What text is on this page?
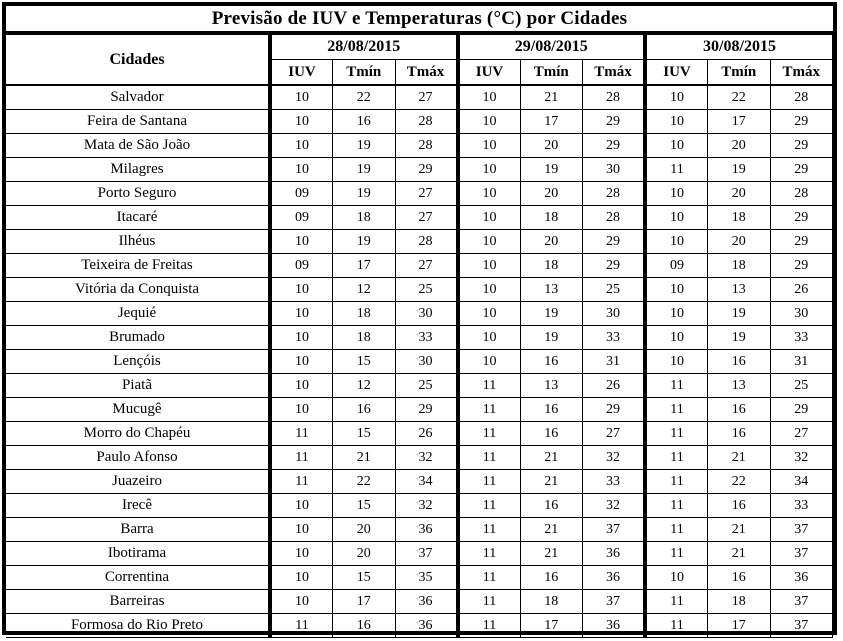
Previsão de IUV e Temperaturas (°C) por Cidades
Cidades	28/08/2015			29/08/2015			30/08/2015		
	IUV	Tmín	Tmáx	IUV	Tmín	Tmáx	IUV	Tmín	Tmáx
Salvador	10	22	27	10	21	28	10	22	28
Feira de Santana	10	16	28	10	17	29	10	17	29
Mata de São João	10	19	28	10	20	29	10	20	29
Milagres	10	19	29	10	19	30	11	19	29
Porto Seguro	09	19	27	10	20	28	10	20	28
Itacaré	09	18	27	10	18	28	10	18	29
Ilhéus	10	19	28	10	20	29	10	20	29
Teixeira de Freitas	09	17	27	10	18	29	09	18	29
Vitória da Conquista	10	12	25	10	13	25	10	13	26
Jequié	10	18	30	10	19	30	10	19	30
Brumado	10	18	33	10	19	33	10	19	33
Lençóis	10	15	30	10	16	31	10	16	31
Piatã	10	12	25	11	13	26	11	13	25
Mucugê	10	16	29	11	16	29	11	16	29
Morro do Chapéu	11	15	26	11	16	27	11	16	27
Paulo Afonso	11	21	32	11	21	32	11	21	32
Juazeiro	11	22	34	11	21	33	11	22	34
Irecê	10	15	32	11	16	32	11	16	33
Barra	10	20	36	11	21	37	11	21	37
Ibotirama	10	20	37	11	21	36	11	21	37
Correntina	10	15	35	11	16	36	10	16	36
Barreiras	10	17	36	11	18	37	11	18	37
Formosa do Rio Preto	11	16	36	11	17	36	11	17	37
